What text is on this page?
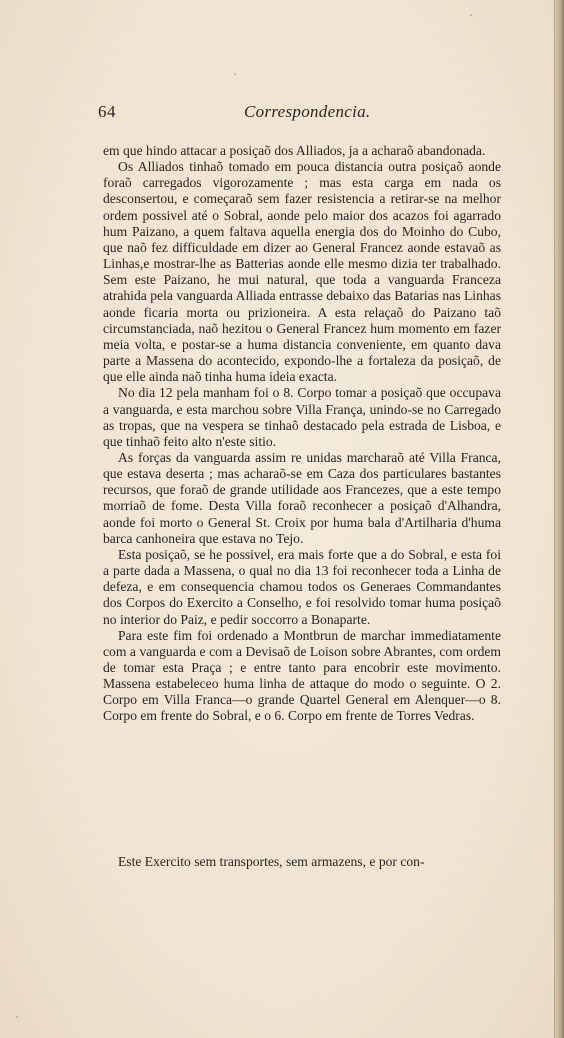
64	Correspondencia.

em que hindo attacar a posiçaõ dos Alliados, ja a acharaõ abandonada.

Os Alliados tinhaõ tomado em pouca distancia outra posiçaõ aonde foraõ carregados vigorozamente ; mas esta carga em nada os desconsertou, e começaraõ sem fazer resistencia a retirar-se na melhor ordem possivel até o Sobral, aonde pelo maior dos acazos foi agarrado hum Paizano, a quem faltava aquella energia dos do Moinho do Cubo, que naõ fez difficuldade em dizer ao General Francez aonde estavaõ as Linhas,e mostrar-lhe as Batterias aonde elle mesmo dizia ter trabalhado. Sem este Paizano, he mui natural, que toda a vanguarda Franceza atrahida pela vanguarda Alliada entrasse debaixo das Batarias nas Linhas aonde ficaria morta ou prizioneira. A esta relaçaõ do Paizano taõ circumstanciada, naõ hezitou o General Francez hum momento em fazer meia volta, e postar-se a huma distancia conveniente, em quanto dava parte a Massena do acontecido, expondo-lhe a fortaleza da posiçaõ, de que elle ainda naõ tinha huma ideia exacta.

No dia 12 pela manham foi o 8. Corpo tomar a posiçaõ que occupava a vanguarda, e esta marchou sobre Villa França, unindo-se no Carregado as tropas, que na vespera se tinhaõ destacado pela estrada de Lisboa, e que tinhaõ feito alto n'este sitio.

As forças da vanguarda assim re unidas marcharaõ até Villa Franca, que estava deserta ; mas acharaõ-se em Caza dos particulares bastantes recursos, que foraõ de grande utilidade aos Francezes, que a este tempo morriaõ de fome. Desta Villa foraõ reconhecer a posiçaõ d'Alhandra, aonde foi morto o General St. Croix por huma bala d'Artilharia d'huma barca canhoneira que estava no Tejo.

Esta posiçaõ, se he possivel, era mais forte que a do Sobral, e esta foi a parte dada a Massena, o qual no dia 13 foi reconhecer toda a Linha de defeza, e em consequencia chamou todos os Generaes Commandantes dos Corpos do Exercito a Conselho, e foi resolvido tomar huma posiçaõ no interior do Paiz, e pedir soccorro a Bonaparte.

Para este fim foi ordenado a Montbrun de marchar immediatamente com a vanguarda e com a Devisaõ de Loison sobre Abrantes, com ordem de tomar esta Praça ; e entre tanto para encobrir este movimento. Massena estabeleceo huma linha de attaque do modo o seguinte. O 2. Corpo em Villa Franca—o grande Quartel General em Alenquer—o 8. Corpo em frente do Sobral, e o 6. Corpo em frente de Torres Vedras.

Este Exercito sem transportes, sem armazens, e por con-
